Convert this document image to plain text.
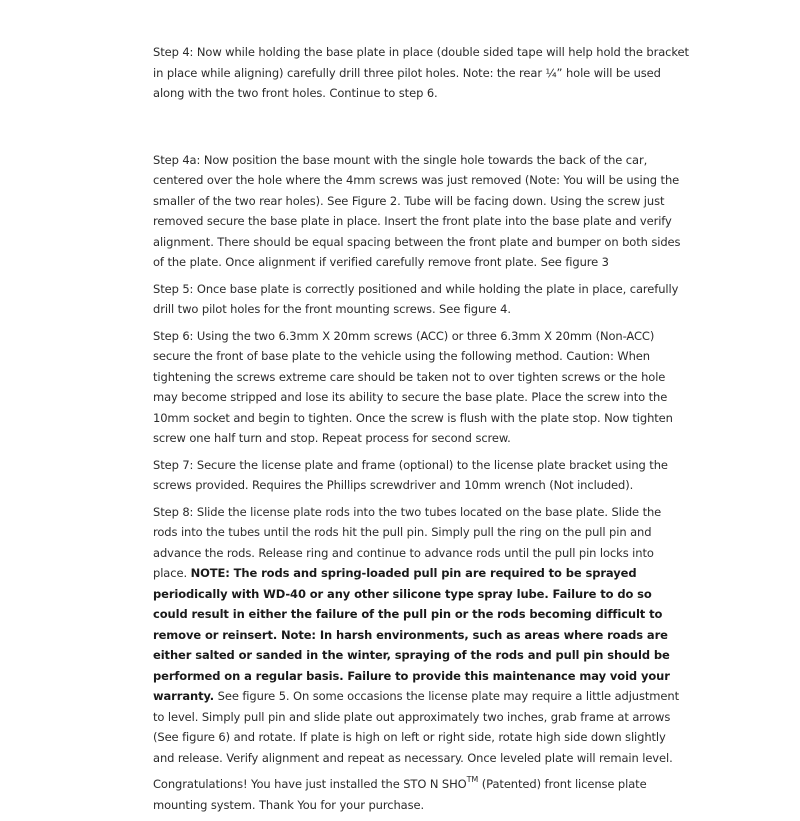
Step 4: Now while holding the base plate in place (double sided tape will help hold the bracket in place while aligning) carefully drill three pilot holes. Note: the rear ¼” hole will be used along with the two front holes. Continue to step 6.

Step 4a: Now position the base mount with the single hole towards the back of the car, centered over the hole where the 4mm screws was just removed (Note: You will be using the smaller of the two rear holes). See Figure 2. Tube will be facing down. Using the screw just removed secure the base plate in place. Insert the front plate into the base plate and verify alignment. There should be equal spacing between the front plate and bumper on both sides of the plate. Once alignment if verified carefully remove front plate. See figure 3

Step 5: Once base plate is correctly positioned and while holding the plate in place, carefully drill two pilot holes for the front mounting screws. See figure 4.

Step 6: Using the two 6.3mm X 20mm screws (ACC) or three 6.3mm X 20mm (Non-ACC) secure the front of base plate to the vehicle using the following method. Caution: When tightening the screws extreme care should be taken not to over tighten screws or the hole may become stripped and lose its ability to secure the base plate. Place the screw into the 10mm socket and begin to tighten. Once the screw is flush with the plate stop. Now tighten screw one half turn and stop. Repeat process for second screw.

Step 7: Secure the license plate and frame (optional) to the license plate bracket using the screws provided. Requires the Phillips screwdriver and 10mm wrench (Not included).

Step 8: Slide the license plate rods into the two tubes located on the base plate. Slide the rods into the tubes until the rods hit the pull pin. Simply pull the ring on the pull pin and advance the rods. Release ring and continue to advance rods until the pull pin locks into place. NOTE: The rods and spring-loaded pull pin are required to be sprayed periodically with WD-40 or any other silicone type spray lube. Failure to do so could result in either the failure of the pull pin or the rods becoming difficult to remove or reinsert. Note: In harsh environments, such as areas where roads are either salted or sanded in the winter, spraying of the rods and pull pin should be performed on a regular basis. Failure to provide this maintenance may void your warranty. See figure 5. On some occasions the license plate may require a little adjustment to level. Simply pull pin and slide plate out approximately two inches, grab frame at arrows (See figure 6) and rotate. If plate is high on left or right side, rotate high side down slightly and release. Verify alignment and repeat as necessary. Once leveled plate will remain level.

Congratulations! You have just installed the STO N SHO™ (Patented) front license plate mounting system. Thank You for your purchase.
